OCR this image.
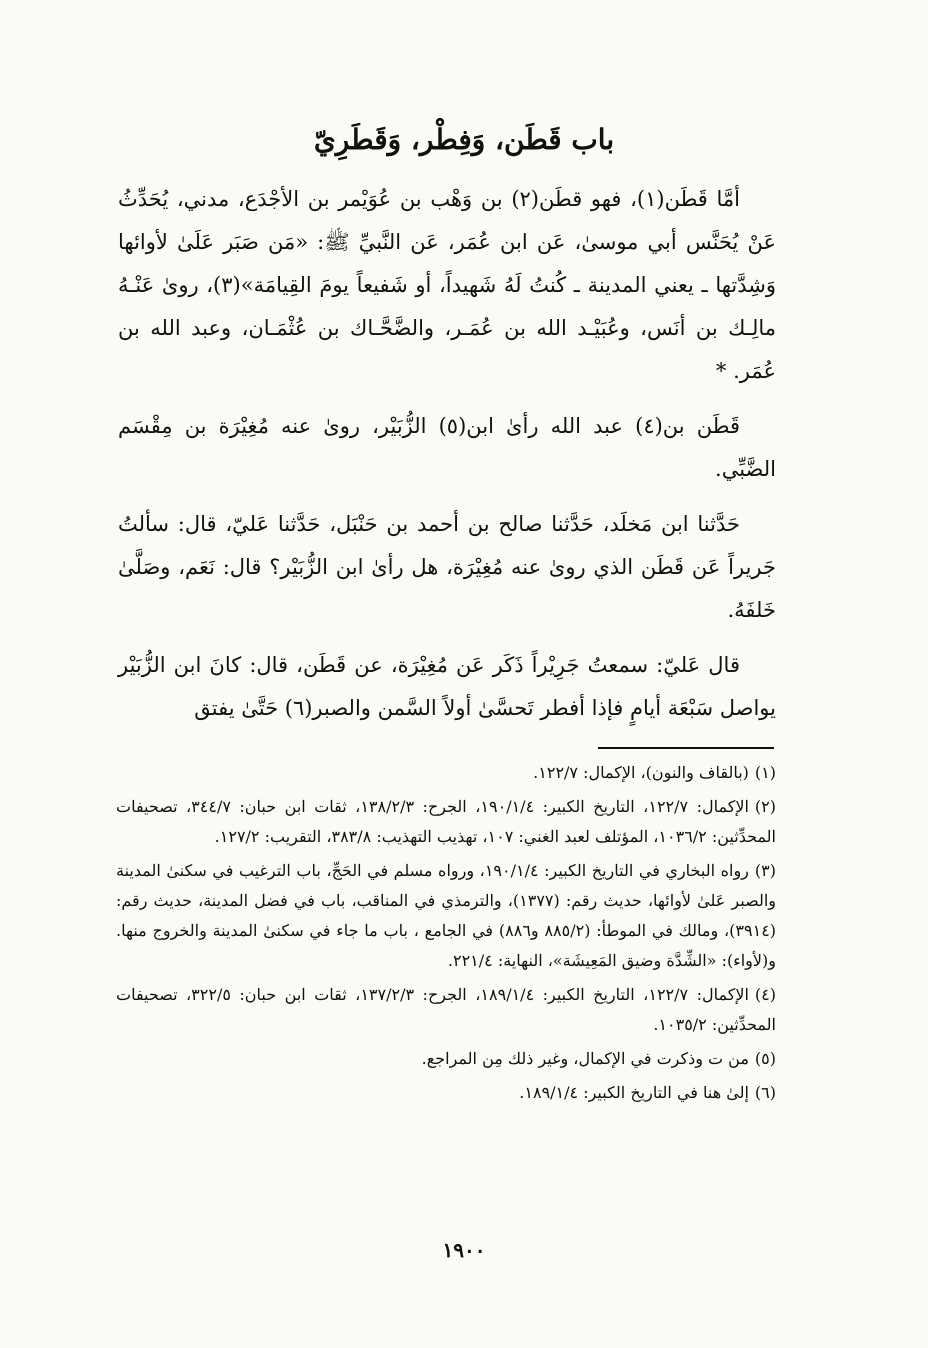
باب قَطَن، وَفِطْر، وَقَطَرِيّ

أمَّا قَطَن(١)، فهو قطَن(٢) بن وَهْب بن عُوَيْمر بن الأجْدَع، مدني، يُحَدِّثُ عَنْ يُحَنَّس أبي موسىٰ، عَن ابن عُمَر، عَن النَّبيِّ ﷺ: «مَن صَبَر عَلَىٰ لأوائها وَشِدَّتها ـ يعني المدينة ـ كُنتُ لَهُ شَهيداً، أو شَفيعاً يومَ القِيامَة»(٣)، روىٰ عَنْـهُ مالِـك بن أنَس، وعُبَيْـد الله بن عُمَـر، والضَّحَّـاك بن عُثْمَـان، وعبد الله بن عُمَر. *

قَطَن بن(٤) عبد الله رأىٰ ابن(٥) الزُّبَيْر، روىٰ عنه مُغِيْرَة بن مِقْسَم الضَّبِّي.

حَدَّثنا ابن مَخلَد، حَدَّثنا صالح بن أحمد بن حَنْبَل، حَدَّثنا عَليّ، قال: سألتُ جَريراً عَن قَطَن الذي روىٰ عنه مُغِيْرَة، هل رأىٰ ابن الزُّبَيْر؟ قال: نَعَم، وصَلَّىٰ خَلفَهُ.

قال عَليّ: سمعتُ جَرِيْراً ذَكَر عَن مُغِيْرَة، عن قَطَن، قال: كانَ ابن الزُّبَيْر يواصل سَبْعَة أيامٍ فإذا أفطر تَحسَّىٰ أولاً السَّمن والصبر(٦) حَتَّىٰ يفتق

(١)(بالقاف والنون)، الإكمال: ١٢٢/٧.

(٢)الإكمال: ١٢٢/٧، التاريخ الكبير: ١٩٠/١/٤، الجرح: ١٣٨/٢/٣، ثقات ابن حبان: ٣٤٤/٧، تصحيفات المحدِّثين: ١٠٣٦/٢، المؤتلف لعبد الغني: ١٠٧، تهذيب التهذيب: ٣٨٣/٨، التقريب: ١٢٧/٢.

(٣)رواه البخاري في التاريخ الكبير: ١٩٠/١/٤، ورواه مسلم في الحَجِّ، باب الترغيب في سكنىٰ المدينة والصبر عَلىٰ لأوائها، حديث رقم: (١٣٧٧)، والترمذي في المناقب، باب في فضل المدينة، حديث رقم: (٣٩١٤)، ومالك في الموطأ: (٨٨٥/٢ و٨٨٦) في الجامع ، باب ما جاء في سكنىٰ المدينة والخروج منها. و(لأواء): «الشِّدَّة وضيق المَعِيشَة»، النهاية: ٢٢١/٤.

(٤)الإكمال: ١٢٢/٧، التاريخ الكبير: ١٨٩/١/٤، الجرح: ١٣٧/٢/٣، ثقات ابن حبان: ٣٢٢/٥، تصحيفات المحدِّثين: ١٠٣٥/٢.

(٥)من ت وذكرت في الإكمال، وغير ذلك مِن المراجع.

(٦)إلىٰ هنا في التاريخ الكبير: ١٨٩/١/٤.

١٩٠٠
